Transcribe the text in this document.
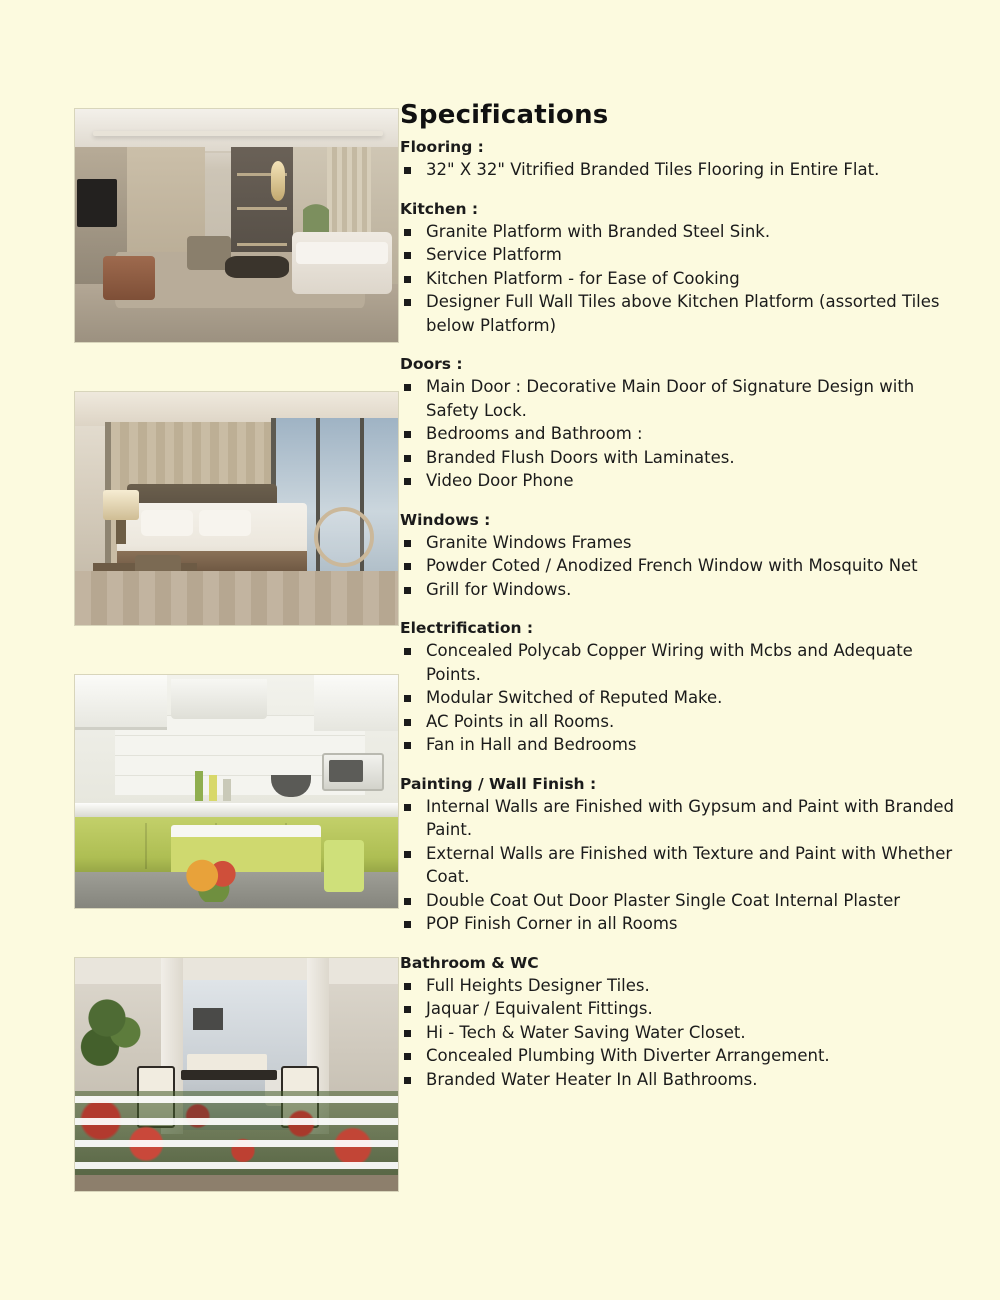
Specifications
Flooring :
32" X 32" Vitrified Branded Tiles Flooring in Entire Flat.
Kitchen :
Granite Platform with Branded Steel Sink.
Service Platform
Kitchen Platform - for Ease of Cooking
Designer Full Wall Tiles above Kitchen Platform (assorted Tiles below Platform)
Doors :
Main Door : Decorative Main Door of Signature Design with Safety Lock.
Bedrooms and Bathroom :
Branded Flush Doors with Laminates.
Video Door Phone
Windows :
Granite Windows Frames
Powder Coted / Anodized French Window with Mosquito Net
Grill for Windows.
Electrification :
Concealed Polycab Copper Wiring with Mcbs and Adequate Points.
Modular Switched of Reputed Make.
AC Points in all Rooms.
Fan in Hall and Bedrooms
Painting / Wall Finish :
Internal Walls are Finished with Gypsum and Paint with Branded Paint.
External Walls are Finished with Texture and Paint with Whether Coat.
Double Coat Out Door Plaster Single Coat Internal Plaster
POP Finish Corner in all Rooms
Bathroom & WC
Full Heights Designer Tiles.
Jaquar / Equivalent Fittings.
Hi - Tech & Water Saving Water Closet.
Concealed Plumbing With Diverter Arrangement.
Branded Water Heater In All Bathrooms.
